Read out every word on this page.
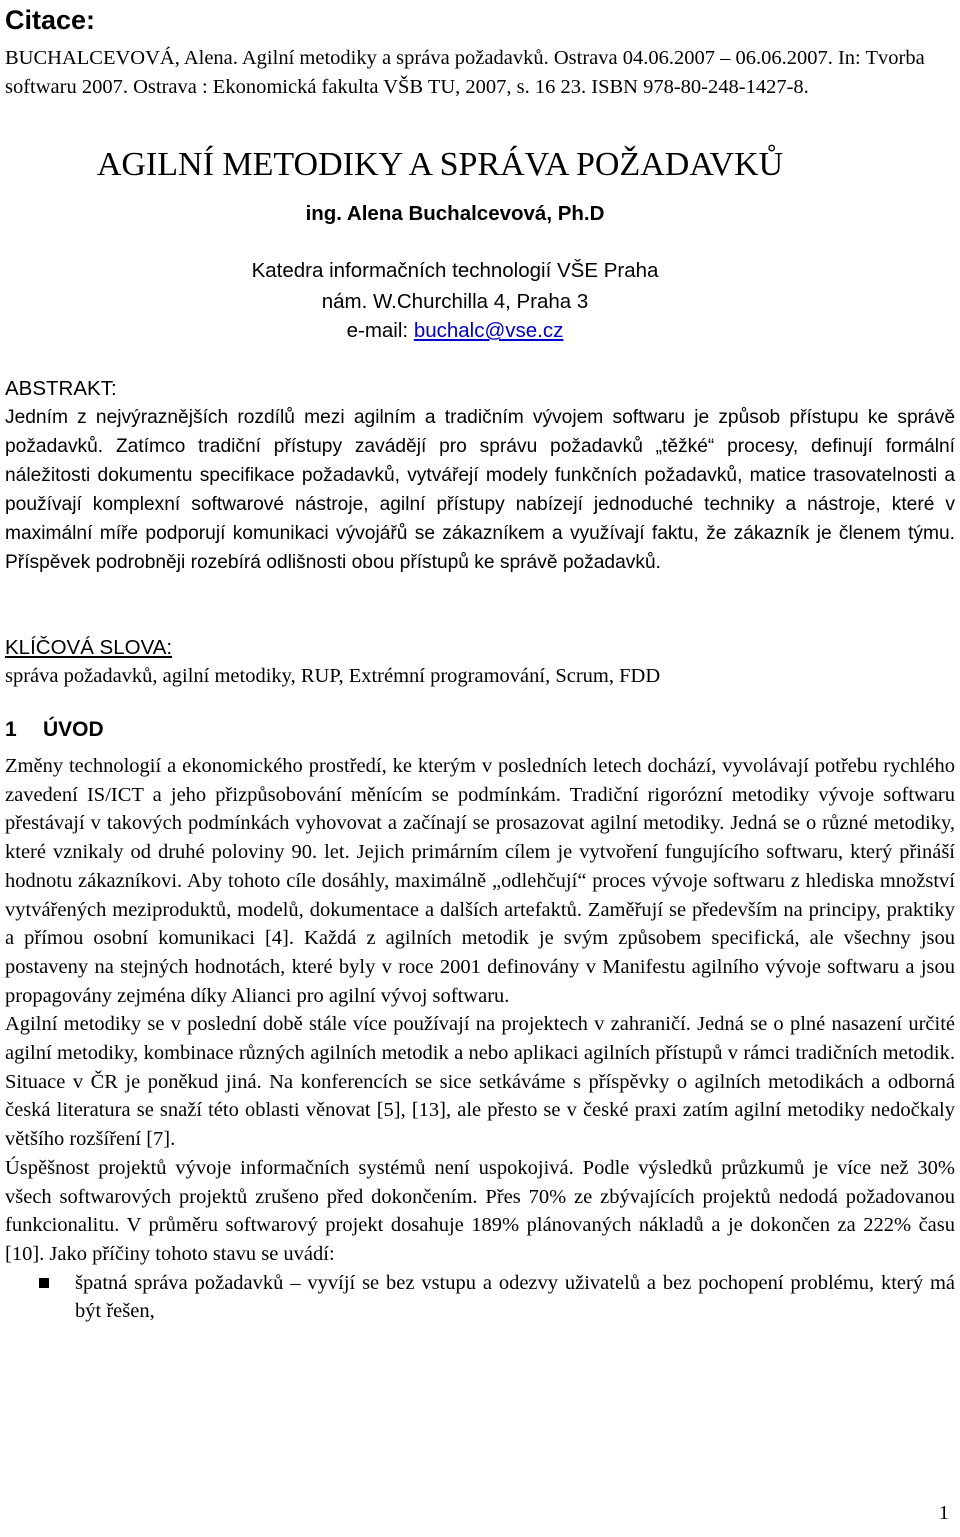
Citace:
BUCHALCEVOVÁ, Alena. Agilní metodiky a správa požadavků. Ostrava 04.06.2007 – 06.06.2007. In: Tvorba softwaru 2007. Ostrava : Ekonomická fakulta VŠB TU, 2007, s. 16 23. ISBN 978-80-248-1427-8.
AGILNÍ METODIKY A SPRÁVA POŽADAVKŮ
ing. Alena Buchalcevová, Ph.D
Katedra informačních technologií VŠE Praha
nám. W.Churchilla 4, Praha 3
e-mail: buchalc@vse.cz
ABSTRAKT:
Jedním z nejvýraznějších rozdílů mezi agilním a tradičním vývojem softwaru je způsob přístupu ke správě požadavků. Zatímco tradiční přístupy zavádějí pro správu požadavků „těžké“ procesy, definují formální náležitosti dokumentu specifikace požadavků, vytvářejí modely funkčních požadavků, matice trasovatelnosti a používají komplexní softwarové nástroje, agilní přístupy nabízejí jednoduché techniky a nástroje, které v maximální míře podporují komunikaci vývojářů se zákazníkem a využívají faktu, že zákazník je členem týmu. Příspěvek podrobněji rozebírá odlišnosti obou přístupů ke správě požadavků.
KLÍČOVÁ SLOVA:
správa požadavků, agilní metodiky, RUP, Extrémní programování, Scrum, FDD
1 ÚVOD

Změny technologií a ekonomického prostředí, ke kterým v posledních letech dochází, vyvolávají potřebu rychlého zavedení IS/ICT a jeho přizpůsobování měnícím se podmínkám. Tradiční rigorózní metodiky vývoje softwaru přestávají v takových podmínkách vyhovovat a začínají se prosazovat agilní metodiky. Jedná se o různé metodiky, které vznikaly od druhé poloviny 90. let. Jejich primárním cílem je vytvoření fungujícího softwaru, který přináší hodnotu zákazníkovi. Aby tohoto cíle dosáhly, maximálně „odlehčují“ proces vývoje softwaru z hlediska množství vytvářených meziproduktů, modelů, dokumentace a dalších artefaktů. Zaměřují se především na principy, praktiky a přímou osobní komunikaci [4]. Každá z agilních metodik je svým způsobem specifická, ale všechny jsou postaveny na stejných hodnotách, které byly v roce 2001 definovány v Manifestu agilního vývoje softwaru a jsou propagovány zejména díky Alianci pro agilní vývoj softwaru.

Agilní metodiky se v poslední době stále více používají na projektech v zahraničí. Jedná se o plné nasazení určité agilní metodiky, kombinace různých agilních metodik a nebo aplikaci agilních přístupů v rámci tradičních metodik. Situace v ČR je poněkud jiná. Na konferencích se sice setkáváme s příspěvky o agilních metodikách a odborná česká literatura se snaží této oblasti věnovat [5], [13], ale přesto se v české praxi zatím agilní metodiky nedočkaly většího rozšíření [7].

Úspěšnost projektů vývoje informačních systémů není uspokojivá. Podle výsledků průzkumů je více než 30% všech softwarových projektů zrušeno před dokončením. Přes 70% ze zbývajících projektů nedodá požadovanou funkcionalitu. V průměru softwarový projekt dosahuje 189% plánovaných nákladů a je dokončen za 222% času [10]. Jako příčiny tohoto stavu se uvádí:

špatná správa požadavků – vyvíjí se bez vstupu a odezvy uživatelů a bez pochopení problému, který má být řešen,
1
